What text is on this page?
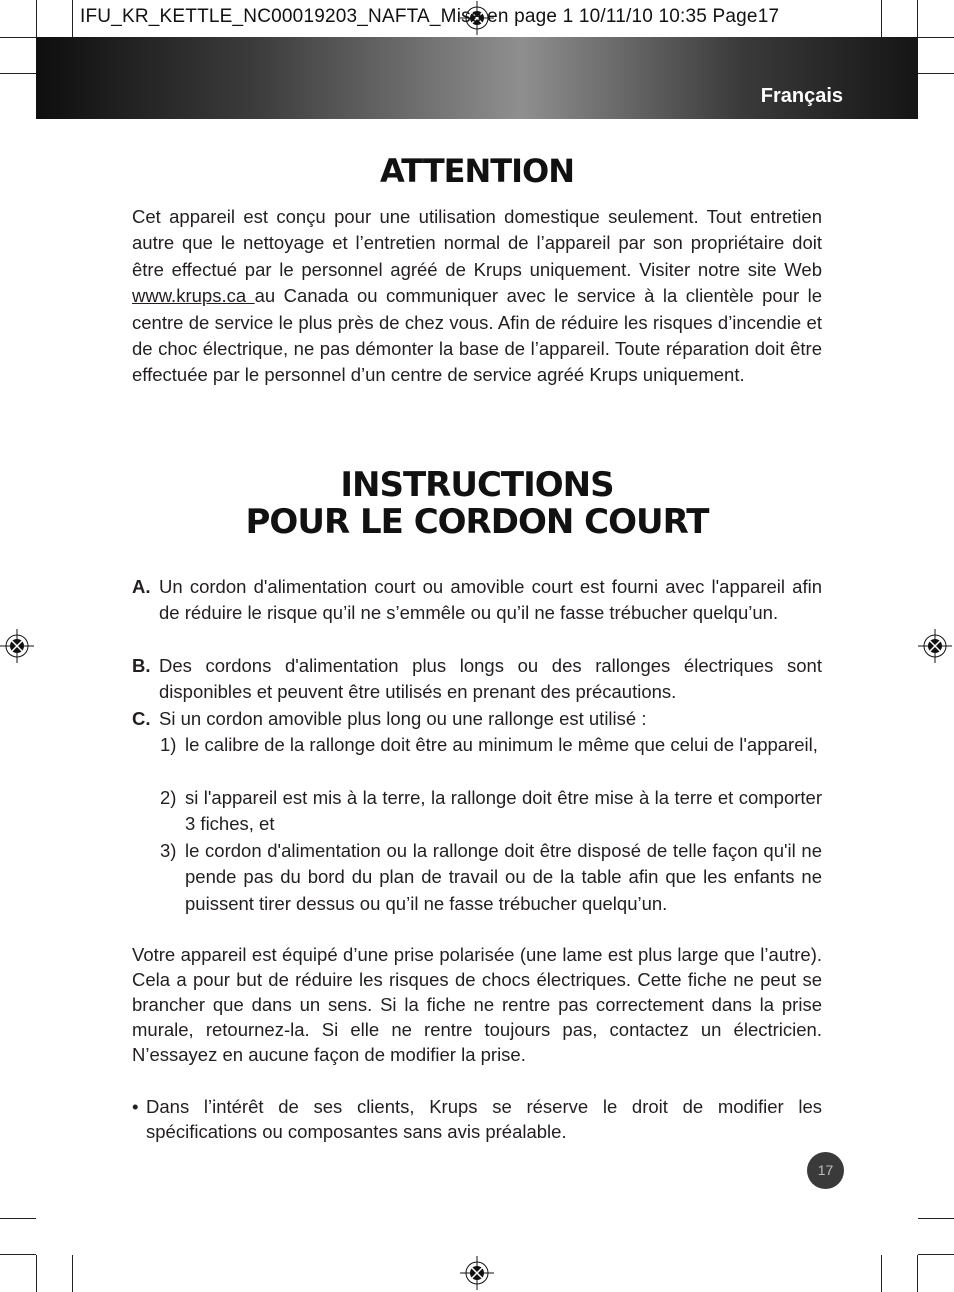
IFU_KR_KETTLE_NC00019203_NAFTA_Mise en page 1 10/11/10 10:35 Page17
Français
ATTENTION

Cet appareil est conçu pour une utilisation domestique seulement. Tout entretien autre que le nettoyage et l’entretien normal de l’appareil par son propriétaire doit être effectué par le personnel agréé de Krups uniquement. Visiter notre site Web www.krups.ca au Canada ou communiquer avec le service à la clientèle pour le centre de service le plus près de chez vous. Afin de réduire les risques d’incendie et de choc électrique, ne pas démonter la base de l’appareil. Toute réparation doit être effectuée par le personnel d’un centre de service agréé Krups uniquement.

INSTRUCTIONS
POUR LE CORDON COURT
A. Un cordon d'alimentation court ou amovible court est fourni avec l'appareil afin de réduire le risque qu’il ne s’emmêle ou qu’il ne fasse trébucher quelqu’un.
B. Des cordons d'alimentation plus longs ou des rallonges électriques sont disponibles et peuvent être utilisés en prenant des précautions.
C. Si un cordon amovible plus long ou une rallonge est utilisé :
1) le calibre de la rallonge doit être au minimum le même que celui de l'appareil,
2) si l'appareil est mis à la terre, la rallonge doit être mise à la terre et comporter 3 fiches, et
3) le cordon d'alimentation ou la rallonge doit être disposé de telle façon qu'il ne pende pas du bord du plan de travail ou de la table afin que les enfants ne puissent tirer dessus ou qu’il ne fasse trébucher quelqu’un.

Votre appareil est équipé d’une prise polarisée (une lame est plus large que l’autre). Cela a pour but de réduire les risques de chocs électriques. Cette fiche ne peut se brancher que dans un sens. Si la fiche ne rentre pas correctement dans la prise murale, retournez-la. Si elle ne rentre toujours pas, contactez un électricien. N’essayez en aucune façon de modifier la prise.

• Dans l’intérêt de ses clients, Krups se réserve le droit de modifier les spécifications ou composantes sans avis préalable.
17
